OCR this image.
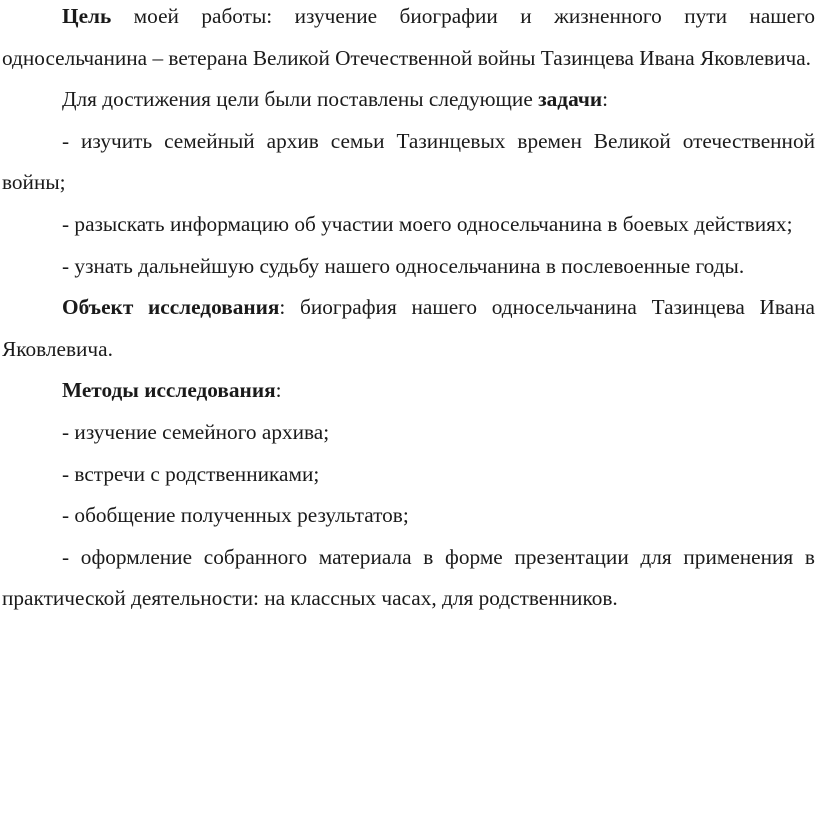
Цель моей работы: изучение биографии и жизненного пути нашего односельчанина – ветерана Великой Отечественной войны Тазинцева Ивана Яковлевича.

Для достижения цели были поставлены следующие задачи:

- изучить семейный архив семьи Тазинцевых времен Великой отечественной войны;

- разыскать информацию об участии моего односельчанина в боевых действиях;

- узнать дальнейшую судьбу нашего односельчанина в послевоенные годы.

Объект исследования: биография нашего односельчанина Тазинцева Ивана Яковлевича.

Методы исследования:

- изучение семейного архива;

- встречи с родственниками;

- обобщение полученных результатов;

- оформление собранного материала в форме презентации для применения в практической деятельности: на классных часах, для родственников.
